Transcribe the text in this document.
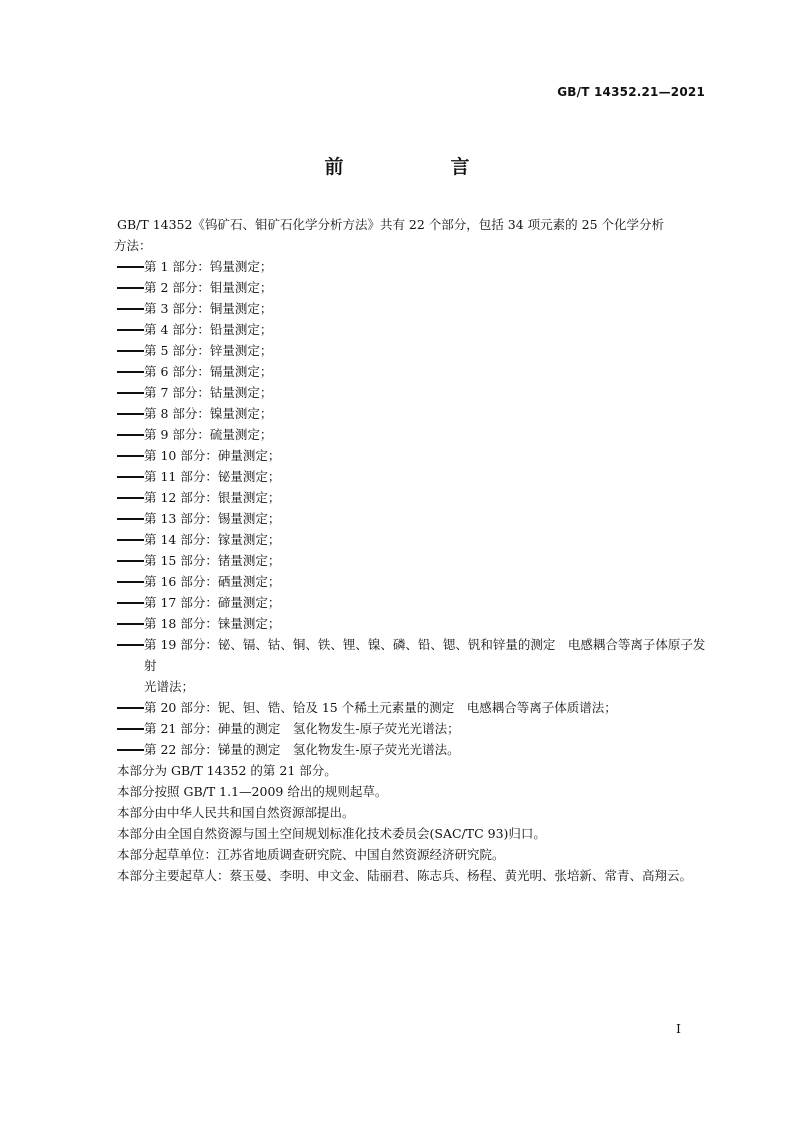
GB/T 14352.21—2021
前　言

GB/T 14352《钨矿石、钼矿石化学分析方法》共有 22 个部分，包括 34 项元素的 25 个化学分析
方法：

第 1 部分：钨量测定；
第 2 部分：钼量测定；
第 3 部分：铜量测定；
第 4 部分：铅量测定；
第 5 部分：锌量测定；
第 6 部分：镉量测定；
第 7 部分：钴量测定；
第 8 部分：镍量测定；
第 9 部分：硫量测定；
第 10 部分：砷量测定；
第 11 部分：铋量测定；
第 12 部分：银量测定；
第 13 部分：锡量测定；
第 14 部分：镓量测定；
第 15 部分：锗量测定；
第 16 部分：硒量测定；
第 17 部分：碲量测定；
第 18 部分：铼量测定；
第 19 部分：铋、镉、钴、铜、铁、锂、镍、磷、铅、锶、钒和锌量的测定　电感耦合等离子体原子发射
光谱法；
第 20 部分：铌、钽、锆、铪及 15 个稀土元素量的测定　电感耦合等离子体质谱法；
第 21 部分：砷量的测定　氢化物发生-原子荧光光谱法；
第 22 部分：锑量的测定　氢化物发生-原子荧光光谱法。

本部分为 GB/T 14352 的第 21 部分。

本部分按照 GB/T 1.1—2009 给出的规则起草。

本部分由中华人民共和国自然资源部提出。

本部分由全国自然资源与国土空间规划标准化技术委员会(SAC/TC 93)归口。

本部分起草单位：江苏省地质调查研究院、中国自然资源经济研究院。

本部分主要起草人：蔡玉曼、李明、申文金、陆丽君、陈志兵、杨程、黄光明、张培新、常青、高翔云。

I
